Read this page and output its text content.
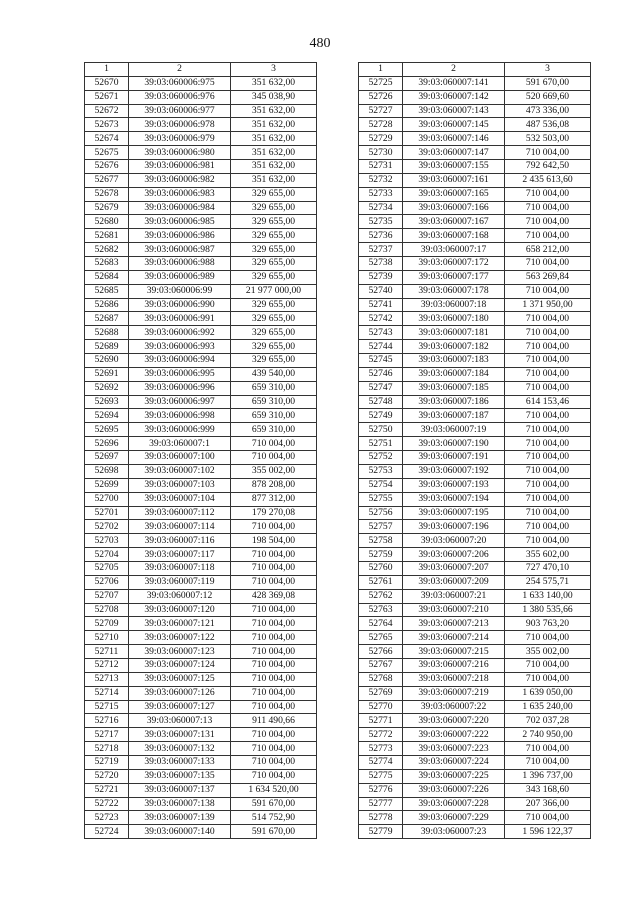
480
1	2	3
52670	39:03:060006:975	351 632,00
52671	39:03:060006:976	345 038,90
52672	39:03:060006:977	351 632,00
52673	39:03:060006:978	351 632,00
52674	39:03:060006:979	351 632,00
52675	39:03:060006:980	351 632,00
52676	39:03:060006:981	351 632,00
52677	39:03:060006:982	351 632,00
52678	39:03:060006:983	329 655,00
52679	39:03:060006:984	329 655,00
52680	39:03:060006:985	329 655,00
52681	39:03:060006:986	329 655,00
52682	39:03:060006:987	329 655,00
52683	39:03:060006:988	329 655,00
52684	39:03:060006:989	329 655,00
52685	39:03:060006:99	21 977 000,00
52686	39:03:060006:990	329 655,00
52687	39:03:060006:991	329 655,00
52688	39:03:060006:992	329 655,00
52689	39:03:060006:993	329 655,00
52690	39:03:060006:994	329 655,00
52691	39:03:060006:995	439 540,00
52692	39:03:060006:996	659 310,00
52693	39:03:060006:997	659 310,00
52694	39:03:060006:998	659 310,00
52695	39:03:060006:999	659 310,00
52696	39:03:060007:1	710 004,00
52697	39:03:060007:100	710 004,00
52698	39:03:060007:102	355 002,00
52699	39:03:060007:103	878 208,00
52700	39:03:060007:104	877 312,00
52701	39:03:060007:112	179 270,08
52702	39:03:060007:114	710 004,00
52703	39:03:060007:116	198 504,00
52704	39:03:060007:117	710 004,00
52705	39:03:060007:118	710 004,00
52706	39:03:060007:119	710 004,00
52707	39:03:060007:12	428 369,08
52708	39:03:060007:120	710 004,00
52709	39:03:060007:121	710 004,00
52710	39:03:060007:122	710 004,00
52711	39:03:060007:123	710 004,00
52712	39:03:060007:124	710 004,00
52713	39:03:060007:125	710 004,00
52714	39:03:060007:126	710 004,00
52715	39:03:060007:127	710 004,00
52716	39:03:060007:13	911 490,66
52717	39:03:060007:131	710 004,00
52718	39:03:060007:132	710 004,00
52719	39:03:060007:133	710 004,00
52720	39:03:060007:135	710 004,00
52721	39:03:060007:137	1 634 520,00
52722	39:03:060007:138	591 670,00
52723	39:03:060007:139	514 752,90
52724	39:03:060007:140	591 670,00
1	2	3
52725	39:03:060007:141	591 670,00
52726	39:03:060007:142	520 669,60
52727	39:03:060007:143	473 336,00
52728	39:03:060007:145	487 536,08
52729	39:03:060007:146	532 503,00
52730	39:03:060007:147	710 004,00
52731	39:03:060007:155	792 642,50
52732	39:03:060007:161	2 435 613,60
52733	39:03:060007:165	710 004,00
52734	39:03:060007:166	710 004,00
52735	39:03:060007:167	710 004,00
52736	39:03:060007:168	710 004,00
52737	39:03:060007:17	658 212,00
52738	39:03:060007:172	710 004,00
52739	39:03:060007:177	563 269,84
52740	39:03:060007:178	710 004,00
52741	39:03:060007:18	1 371 950,00
52742	39:03:060007:180	710 004,00
52743	39:03:060007:181	710 004,00
52744	39:03:060007:182	710 004,00
52745	39:03:060007:183	710 004,00
52746	39:03:060007:184	710 004,00
52747	39:03:060007:185	710 004,00
52748	39:03:060007:186	614 153,46
52749	39:03:060007:187	710 004,00
52750	39:03:060007:19	710 004,00
52751	39:03:060007:190	710 004,00
52752	39:03:060007:191	710 004,00
52753	39:03:060007:192	710 004,00
52754	39:03:060007:193	710 004,00
52755	39:03:060007:194	710 004,00
52756	39:03:060007:195	710 004,00
52757	39:03:060007:196	710 004,00
52758	39:03:060007:20	710 004,00
52759	39:03:060007:206	355 602,00
52760	39:03:060007:207	727 470,10
52761	39:03:060007:209	254 575,71
52762	39:03:060007:21	1 633 140,00
52763	39:03:060007:210	1 380 535,66
52764	39:03:060007:213	903 763,20
52765	39:03:060007:214	710 004,00
52766	39:03:060007:215	355 002,00
52767	39:03:060007:216	710 004,00
52768	39:03:060007:218	710 004,00
52769	39:03:060007:219	1 639 050,00
52770	39:03:060007:22	1 635 240,00
52771	39:03:060007:220	702 037,28
52772	39:03:060007:222	2 740 950,00
52773	39:03:060007:223	710 004,00
52774	39:03:060007:224	710 004,00
52775	39:03:060007:225	1 396 737,00
52776	39:03:060007:226	343 168,60
52777	39:03:060007:228	207 366,00
52778	39:03:060007:229	710 004,00
52779	39:03:060007:23	1 596 122,37
